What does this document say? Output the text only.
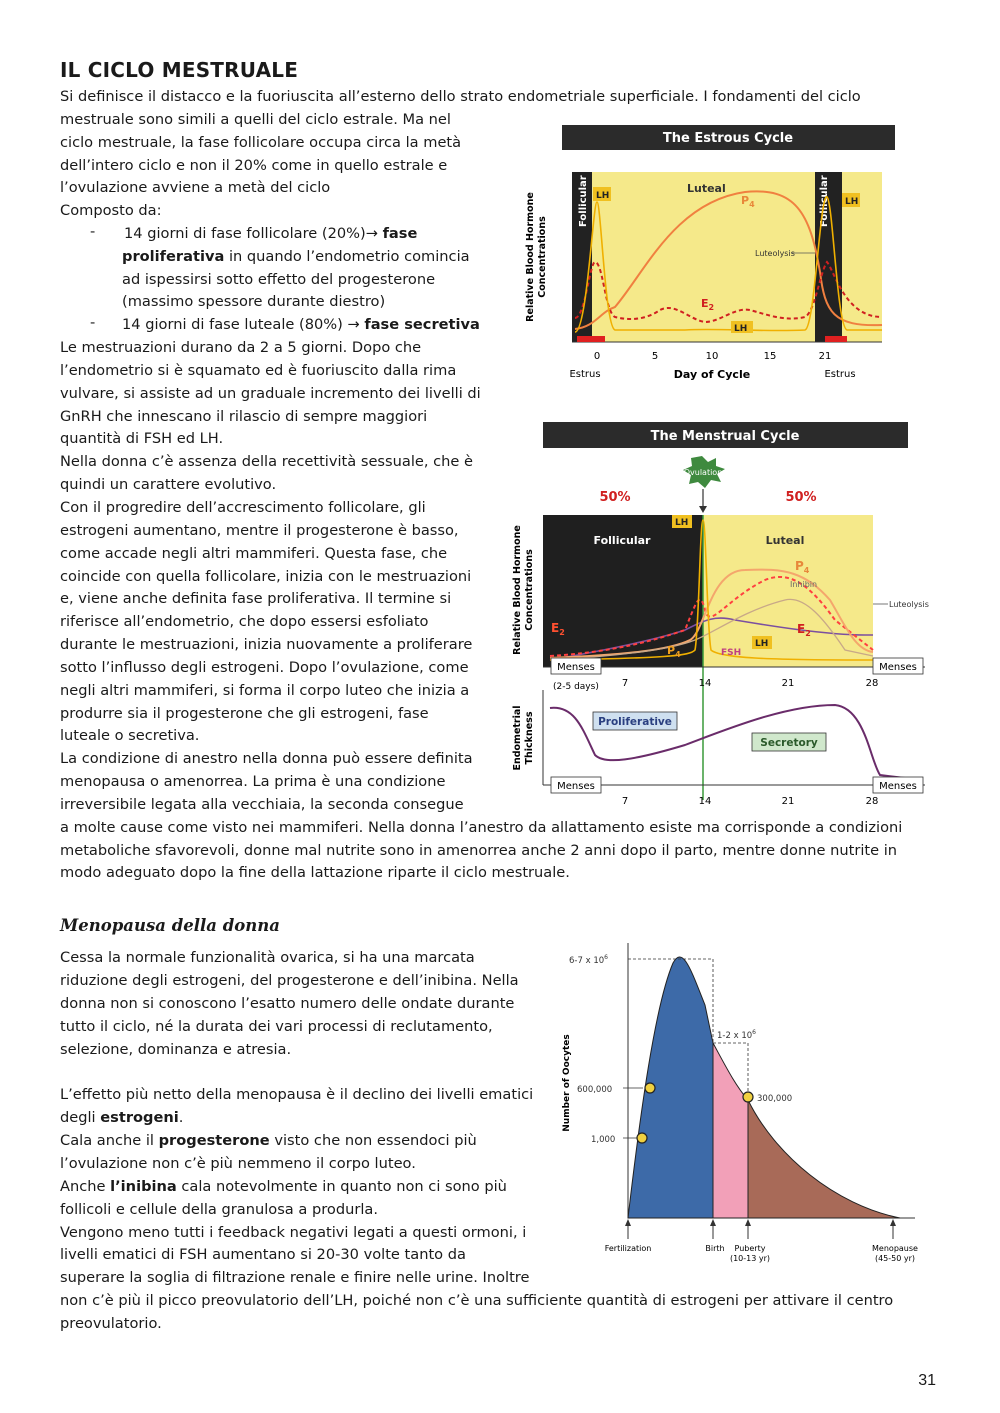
IL CICLO MESTRUALE
Si definisce il distacco e la fuoriuscita all’esterno dello strato endometriale superficiale. I fondamenti del ciclo
mestruale sono simili a quelli del ciclo estrale. Ma nel
ciclo mestruale, la fase follicolare occupa circa la metà
dell’intero ciclo e non il 20% come in quello estrale e
l’ovulazione avviene a metà del ciclo
Composto da:
- 14 giorni di fase follicolare (20%)→ fase
proliferativa in quando l’endometrio comincia
ad ispessirsi sotto effetto del progesterone
(massimo spessore durante diestro)
- 14 giorni di fase luteale (80%) → fase secretiva
Le mestruazioni durano da 2 a 5 giorni. Dopo che
l’endometrio si è squamato ed è fuoriuscito dalla rima
vulvare, si assiste ad un graduale incremento dei livelli di
GnRH che innescano il rilascio di sempre maggiori
quantità di FSH ed LH.
Nella donna c’è assenza della recettività sessuale, che è
quindi un carattere evolutivo.
Con il progredire dell’accrescimento follicolare, gli
estrogeni aumentano, mentre il progesterone è basso,
come accade negli altri mammiferi. Questa fase, che
coincide con quella follicolare, inizia con le mestruazioni
e, viene anche definita fase proliferativa. Il termine si
riferisce all’endometrio, che dopo essersi esfoliato
durante le mestruazioni, inizia nuovamente a proliferare
sotto l’influsso degli estrogeni. Dopo l’ovulazione, come
negli altri mammiferi, si forma il corpo luteo che inizia a
produrre sia il progesterone che gli estrogeni, fase
luteale o secretiva.
La condizione di anestro nella donna può essere definita
menopausa o amenorrea. La prima è una condizione
irreversibile legata alla vecchiaia, la seconda consegue
a molte cause come visto nei mammiferi. Nella donna l’anestro da allattamento esiste ma corrisponde a condizioni
metaboliche sfavorevoli, donne mal nutrite sono in amenorrea anche 2 anni dopo il parto, mentre donne nutrite in
modo adeguato dopo la fine della lattazione riparte il ciclo mestruale.
The Estrous Cycle
Follicular	Follicular
LH
LH
Luteal
$P_4$
$E_2$
Luteolysis
LH
0	5	10	15	21
Day of Cycle
Estrus	Estrus
Relative Blood Hormone Concentrations
The Menstrual Cycle
Ovulation
50%	50%
Follicular	Luteal
LH
$P_4$
Inhibin
$E_2$
$E_2$
$P_4$	FSH
LH
Luteolysis
Menses	Menses
(2-5 days) 7	14	21	28
Relative Blood Hormone Concentrations
Proliferative
Secretory
Menses	Menses
7	14	21	28
Endometrial Thickness
Menopausa della donna
Cessa la normale funzionalità ovarica, si ha una marcata
riduzione degli estrogeni, del progesterone e dell’inibina. Nella
donna non si conoscono l’esatto numero delle ondate durante
tutto il ciclo, né la durata dei vari processi di reclutamento,
selezione, dominanza e atresia.
L’effetto più netto della menopausa è il declino dei livelli ematici
degli estrogeni.
Cala anche il progesterone visto che non essendoci più
l’ovulazione non c’è più nemmeno il corpo luteo.
Anche l’inibina cala notevolmente in quanto non ci sono più
follicoli e cellule della granulosa a produrla.
Vengono meno tutti i feedback negativi legati a questi ormoni, i
livelli ematici di FSH aumentano si 20-30 volte tanto da
superare la soglia di filtrazione renale e finire nelle urine. Inoltre
non c’è più il picco preovulatorio dell’LH, poiché non c’è una sufficiente quantità di estrogeni per attivare il centro
preovulatorio.
6-7 x $10^6$
1-2 x $10^6$
600,000
1,000
300,000
Number of Oocytes
Fertilization	Birth Puberty
(10-13 yr)
Menopause
(45-50 yr)
31
